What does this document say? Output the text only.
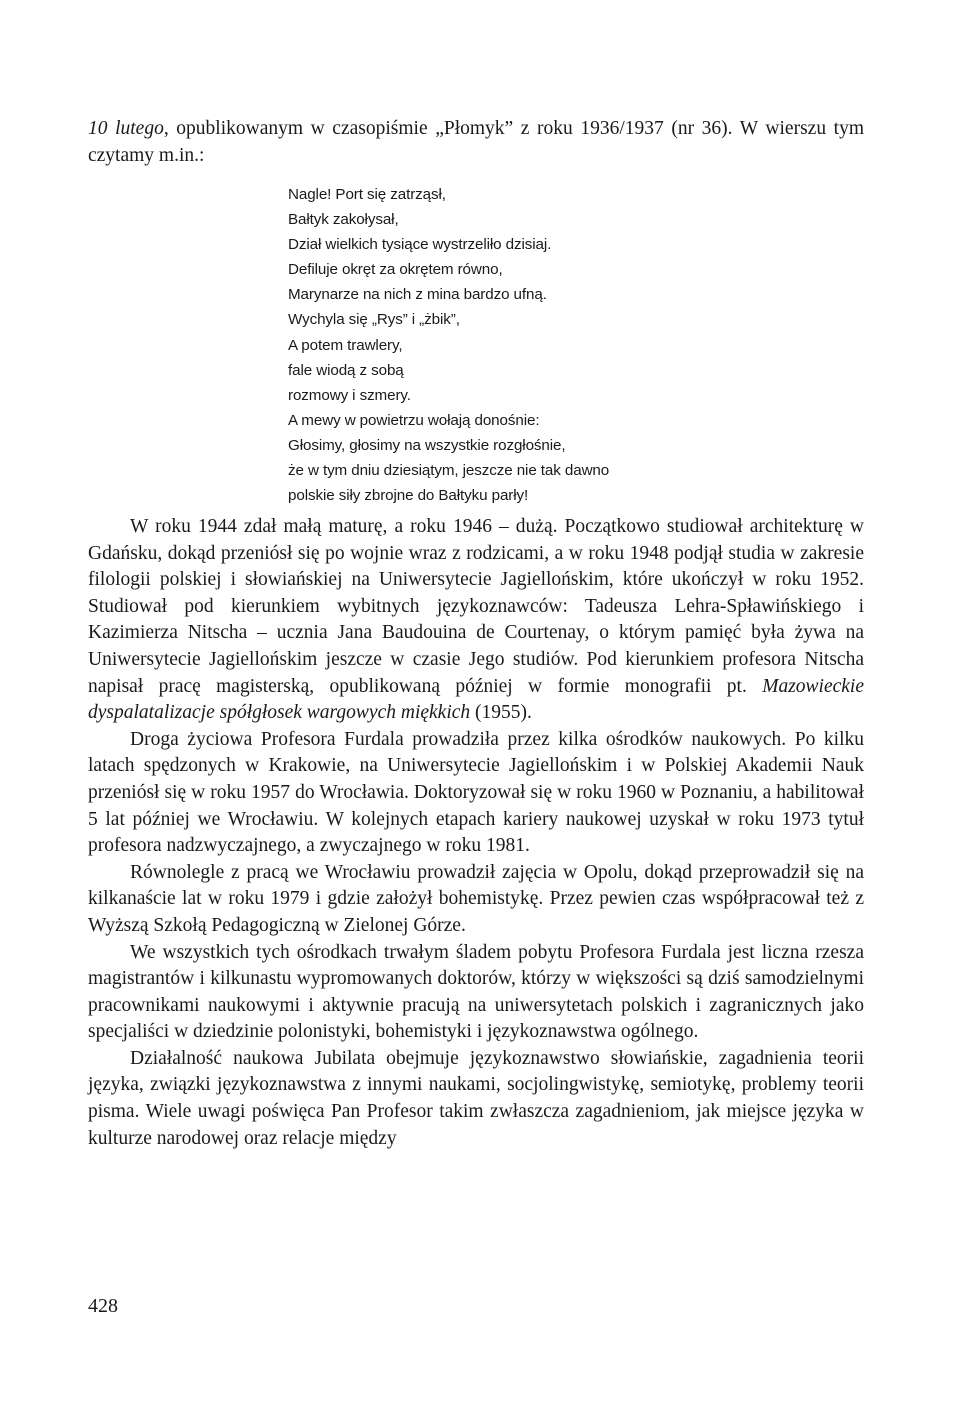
10 lutego, opublikowanym w czasopiśmie „Płomyk” z roku 1936/1937 (nr 36). W wierszu tym czytamy m.in.:
Nagle! Port się zatrząsł,
Bałtyk zakołysał,
Dział wielkich tysiące wystrzeliło dzisiaj.
Defiluje okręt za okrętem równo,
Marynarze na nich z mina bardzo ufną.
Wychyla się „Rys” i „żbik”,
A potem trawlery,
fale wiodą z sobą
rozmowy i szmery.
A mewy w powietrzu wołają donośnie:
Głosimy, głosimy na wszystkie rozgłośnie,
że w tym dniu dziesiątym, jeszcze nie tak dawno
polskie siły zbrojne do Bałtyku parły!

W roku 1944 zdał małą maturę, a roku 1946 – dużą. Początkowo studiował architekturę w Gdańsku, dokąd przeniósł się po wojnie wraz z rodzicami, a w roku 1948 podjął studia w zakresie filologii polskiej i słowiańskiej na Uniwersytecie Jagiellońskim, które ukończył w roku 1952. Studiował pod kierunkiem wybitnych językoznawców: Tadeusza Lehra-Spławińskiego i Kazimierza Nitscha – ucznia Jana Baudouina de Courtenay, o którym pamięć była żywa na Uniwersytecie Jagiellońskim jeszcze w czasie Jego studiów. Pod kierunkiem profesora Nitscha napisał pracę magisterską, opublikowaną później w formie monografii pt. Mazowieckie dyspalatalizacje spółgłosek wargowych miękkich (1955).

Droga życiowa Profesora Furdala prowadziła przez kilka ośrodków naukowych. Po kilku latach spędzonych w Krakowie, na Uniwersytecie Jagiellońskim i w Polskiej Akademii Nauk przeniósł się w roku 1957 do Wrocławia. Doktoryzował się w roku 1960 w Poznaniu, a habilitował 5 lat później we Wrocławiu. W kolejnych etapach kariery naukowej uzyskał w roku 1973 tytuł profesora nadzwyczajnego, a zwyczajnego w roku 1981.

Równolegle z pracą we Wrocławiu prowadził zajęcia w Opolu, dokąd przeprowadził się na kilkanaście lat w roku 1979 i gdzie założył bohemistykę. Przez pewien czas współpracował też z Wyższą Szkołą Pedagogiczną w Zielonej Górze.

We wszystkich tych ośrodkach trwałym śladem pobytu Profesora Furdala jest liczna rzesza magistrantów i kilkunastu wypromowanych doktorów, którzy w większości są dziś samodzielnymi pracownikami naukowymi i aktywnie pracują na uniwersytetach polskich i zagranicznych jako specjaliści w dziedzinie polonistyki, bohemistyki i językoznawstwa ogólnego.

Działalność naukowa Jubilata obejmuje językoznawstwo słowiańskie, zagadnienia teorii języka, związki językoznawstwa z innymi naukami, socjolingwistykę, semiotykę, problemy teorii pisma. Wiele uwagi poświęca Pan Profesor takim zwłaszcza zagadnieniom, jak miejsce języka w kulturze narodowej oraz relacje między

428
